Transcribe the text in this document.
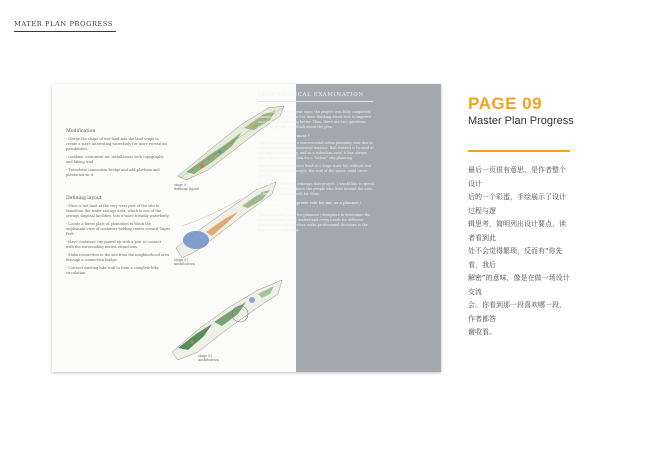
MATER PLAN PROGRESS
Modification

- Merge the shape of wet-land into the land-scape to create a more interesting waterbody for more recreation possibilities.

- combine contruntnt sec installations with topography and biking trail

- Transform connection bridge and add platform and plantation on it

Defining layout

- Place a wet land at the very west part of the site to transform the water storage area, which is one of the sewage disposal facilities, into a more friendly waterbody.

- Locate a forest plate of plantation to block the unpleasant view of container holding center toward Taipei Port.

- Have container city paired up with a pier to connect with the surrounding tourist attractions.

- Make connection to the site from the neighborhood area through a connection bridge.

- Connect existing bike trail to form a complete bike circulation.

stage 0
defining layout
stage 01
modification
stage 02
modification
SELF CRITICAL EXAMINATION

It has been almost a year since the project was fully completed. Though not those time I've been thinking about how to improve and make the planning better. Thus, there are two questions posed by myself to rethink about the plan.

1. What matter the most ?

Taipei Port District is a controversial urban planning case due to many political and commercial reasons. Bali District is located at the edge of Taipei City, and as a suburban area, it has always been a place in transition for a "better" city planning.

Planning has always been lived at a large scale but without real interaction between people, the soul of the space could never come up.

So I have a chance to redesign that project, I would like to spend more time getting to know the people who lives around the area to find out the real needs for them.

2. What is an appropriate role for me, as a planner / designer ?

There are many ways for planners / designers to determine the future of a site, but to understand every needs for different perspectives and therefore make professional decisions is the key to a good planning.

PAGE 09
Master Plan Progress

最后一页很有意思，是作者整个设计

后的一个彩蛋，手绘展示了设计过程与逻

辑思考，简明列出设计要点，读者看到此

处不会觉得繁琐，反而有“你先看，我后

解密”的意味，像是在做一场设计交流

会。你看到那一段喜欢哪一段，作者都答

谢收看。
